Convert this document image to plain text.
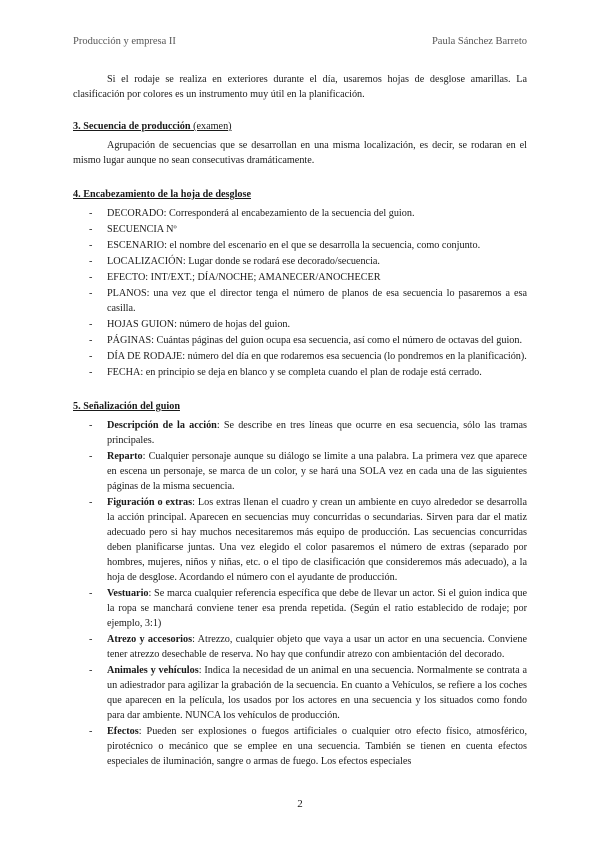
Producción y empresa II	Paula Sánchez Barreto

Si el rodaje se realiza en exteriores durante el día, usaremos hojas de desglose amarillas. La clasificación por colores es un instrumento muy útil en la planificación.

3. Secuencia de producción (examen)

Agrupación de secuencias que se desarrollan en una misma localización, es decir, se rodaran en el mismo lugar aunque no sean consecutivas dramáticamente.

4. Encabezamiento de la hoja de desglose
- DECORADO: Corresponderá al encabezamiento de la secuencia del guion.
- SECUENCIA Nº
- ESCENARIO: el nombre del escenario en el que se desarrolla la secuencia, como conjunto.
- LOCALIZACIÓN: Lugar donde se rodará ese decorado/secuencia.
- EFECTO: INT/EXT.; DÍA/NOCHE; AMANECER/ANOCHECER
- PLANOS: una vez que el director tenga el número de planos de esa secuencia lo pasaremos a esa casilla.
- HOJAS GUION: número de hojas del guion.
- PÁGINAS: Cuántas páginas del guion ocupa esa secuencia, así como el número de octavas del guion.
- DÍA DE RODAJE: número del día en que rodaremos esa secuencia (lo pondremos en la planificación).
- FECHA: en principio se deja en blanco y se completa cuando el plan de rodaje está cerrado.
5. Señalización del guion
- Descripción de la acción: Se describe en tres líneas que ocurre en esa secuencia, sólo las tramas principales.
- Reparto: Cualquier personaje aunque su diálogo se limite a una palabra. La primera vez que aparece en escena un personaje, se marca de un color, y se hará una SOLA vez en cada una de las siguientes páginas de la misma secuencia.
- Figuración o extras: Los extras llenan el cuadro y crean un ambiente en cuyo alrededor se desarrolla la acción principal. Aparecen en secuencias muy concurridas o secundarias. Sirven para dar el matiz adecuado pero si hay muchos necesitaremos más equipo de producción. Las secuencias concurridas deben planificarse juntas. Una vez elegido el color pasaremos el número de extras (separado por hombres, mujeres, niños y niñas, etc. o el tipo de clasificación que consideremos más adecuado), a la hoja de desglose. Acordando el número con el ayudante de producción.
- Vestuario: Se marca cualquier referencia específica que debe de llevar un actor. Si el guion indica que la ropa se manchará conviene tener esa prenda repetida. (Según el ratio establecido de rodaje; por ejemplo, 3:1)
- Atrezo y accesorios: Atrezzo, cualquier objeto que vaya a usar un actor en una secuencia. Conviene tener atrezzo desechable de reserva. No hay que confundir atrezo con ambientación del decorado.
- Animales y vehículos: Indica la necesidad de un animal en una secuencia. Normalmente se contrata a un adiestrador para agilizar la grabación de la secuencia. En cuanto a Vehículos, se refiere a los coches que aparecen en la película, los usados por los actores en una secuencia y los situados como fondo para dar ambiente. NUNCA los vehículos de producción.
- Efectos: Pueden ser explosiones o fuegos artificiales o cualquier otro efecto físico, atmosférico, pirotécnico o mecánico que se emplee en una secuencia. También se tienen en cuenta efectos especiales de iluminación, sangre o armas de fuego. Los efectos especiales
2
